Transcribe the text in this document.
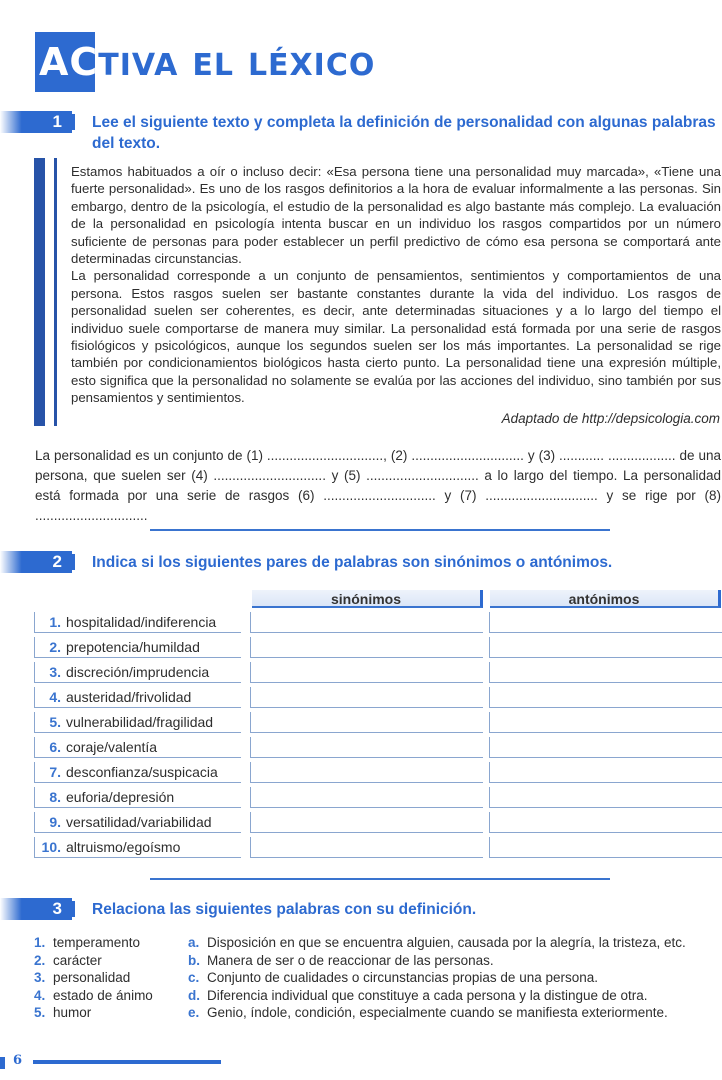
ACTIVA EL LÉXICO
1 Lee el siguiente texto y completa la definición de personalidad con algunas palabras del texto.

Estamos habituados a oír o incluso decir: «Esa persona tiene una personalidad muy marcada», «Tiene una fuerte personalidad». Es uno de los rasgos definitorios a la hora de evaluar informalmente a las personas. Sin embargo, dentro de la psicología, el estudio de la personalidad es algo bastante más complejo. La evaluación de la personalidad en psicología intenta buscar en un individuo los rasgos compartidos por un número suficiente de personas para poder establecer un perfil predictivo de cómo esa persona se comportará ante determinadas circunstancias.

La personalidad corresponde a un conjunto de pensamientos, sentimientos y comportamientos de una persona. Estos rasgos suelen ser bastante constantes durante la vida del individuo. Los rasgos de personalidad suelen ser coherentes, es decir, ante determinadas situaciones y a lo largo del tiempo el individuo suele comportarse de manera muy similar. La personalidad está formada por una serie de rasgos fisiológicos y psicológicos, aunque los segundos suelen ser los más importantes. La personalidad se rige también por condicionamientos biológicos hasta cierto punto. La personalidad tiene una expresión múltiple, esto significa que la personalidad no solamente se evalúa por las acciones del individuo, sino también por sus pensamientos y sentimientos.

Adaptado de http://depsicologia.com

La personalidad es un conjunto de (1) ..............................., (2) .............................. y (3) ............ .................. de una persona, que suelen ser (4) .............................. y (5) .............................. a lo largo del tiempo. La personalidad está formada por una serie de rasgos (6) .............................. y (7) .............................. y se rige por (8) ..............................

2 Indica si los siguientes pares de palabras son sinónimos o antónimos.
sinónimos	antónimos
1. hospitalidad/indiferencia
2. prepotencia/humildad
3. discreción/imprudencia
4. austeridad/frivolidad
5. vulnerabilidad/fragilidad
6. coraje/valentía
7. desconfianza/suspicacia
8. euforia/depresión
9. versatilidad/variabilidad
10. altruismo/egoísmo
3 Relaciona las siguientes palabras con su definición.
1. temperamento
2. carácter
3. personalidad
4. estado de ánimo
5. humor
a. Disposición en que se encuentra alguien, causada por la alegría, la tristeza, etc.
b. Manera de ser o de reaccionar de las personas.
c. Conjunto de cualidades o circunstancias propias de una persona.
d. Diferencia individual que constituye a cada persona y la distingue de otra.
e. Genio, índole, condición, especialmente cuando se manifiesta exteriormente.
6
